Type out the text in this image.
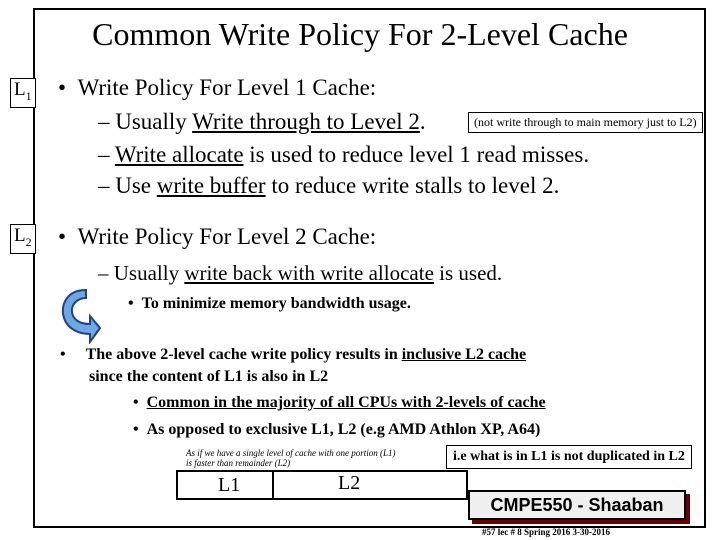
Common Write Policy For 2-Level Cache
$L_1$
$L_2$
• Write Policy For Level 1 Cache:
– Usually Write through to Level 2.	(not write through to main memory just to L2)
– Write allocate is used to reduce level 1 read misses.
– Use write buffer to reduce write stalls to level 2.
• Write Policy For Level 2 Cache:
– Usually write back with write allocate is used.
• To minimize memory bandwidth usage.
• The above 2-level cache write policy results in inclusive L2 cache
since the content of L1 is also in L2
• Common in the majority of all CPUs with 2-levels of cache
• As opposed to exclusive L1, L2 (e.g AMD Athlon XP, A64)
As if we have a single level of cache with one portion (L1) is faster than remainder (L2)	i.e what is in L1 is not duplicated in L2
L1	L2
CMPE550 - Shaaban
#57 lec # 8 Spring 2016 3-30-2016
